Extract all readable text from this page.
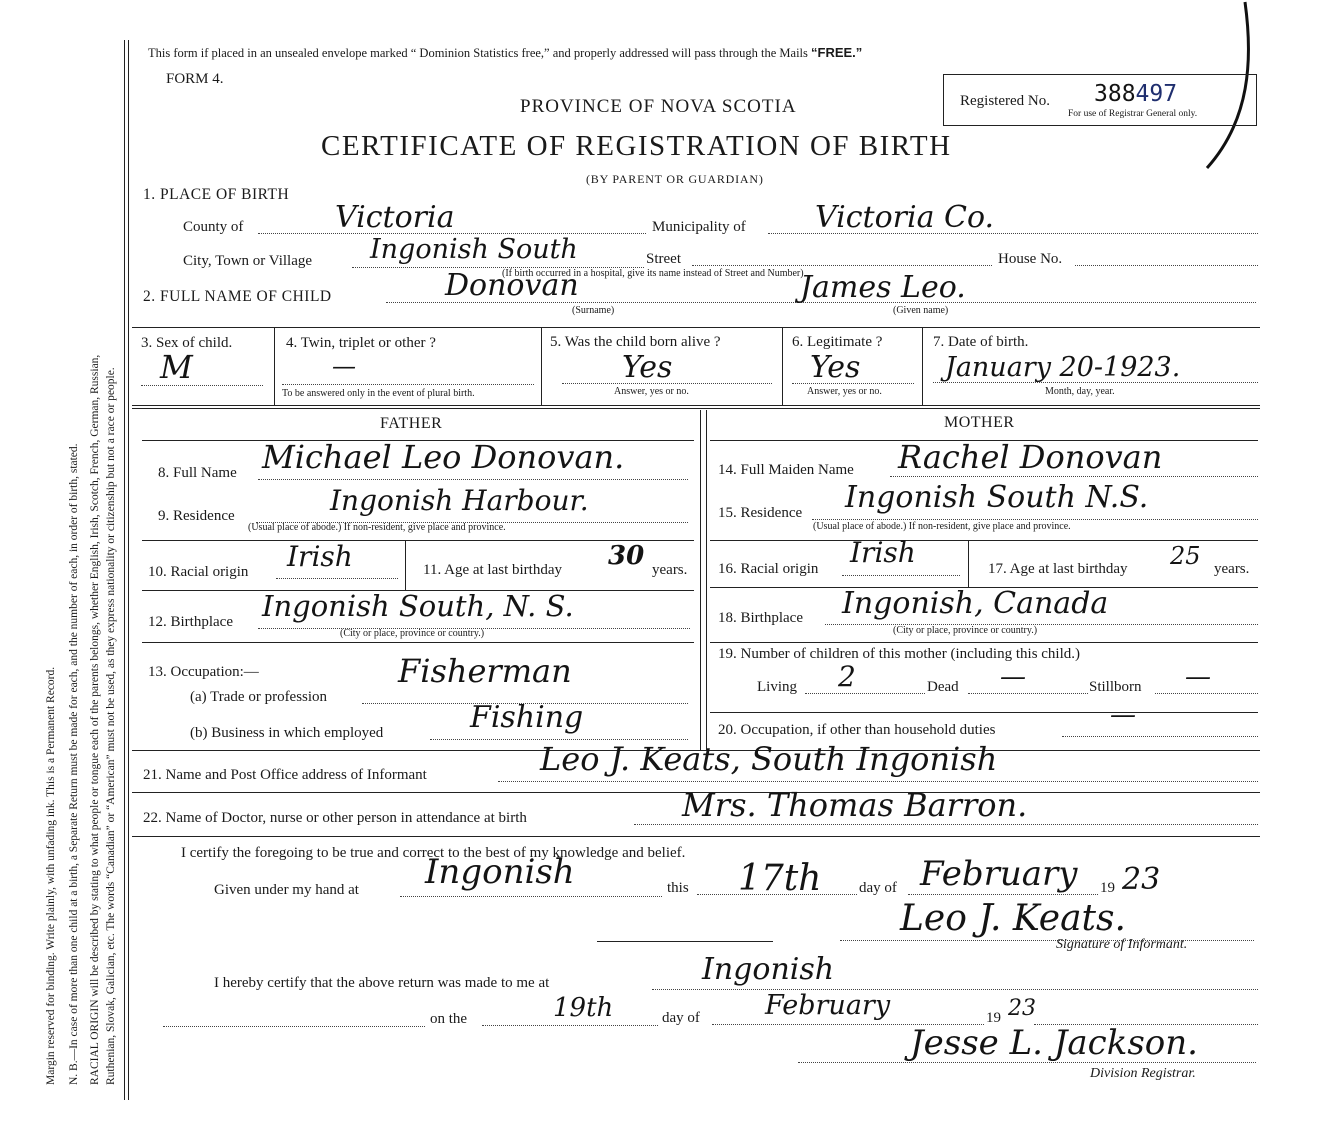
Margin reserved for binding. Write plainly, with unfading ink. This is a Permanent Record. N. B.—In case of more than one child at a birth, a Separate Return must be made for each, and the number of each, in order of birth, stated. RACIAL ORIGIN will be described by stating to what people or tongue each of the parents belongs, whether English, Irish, Scotch, French, German, Russian, Ruthenian, Slovak, Galician, etc. The words “Canadian” or “American” must not be used, as they express nationality or citizenship but not a race or people.
This form if placed in an unsealed envelope marked “ Dominion Statistics free,” and properly addressed will pass through the Mails “FREE.”
FORM 4.
PROVINCE OF NOVA SCOTIA
CERTIFICATE OF REGISTRATION OF BIRTH
(BY PARENT OR GUARDIAN)
Registered No. 388497
For use of Registrar General only.
1. PLACE OF BIRTH
County of	Victoria	Municipality of Victoria Co.
City, Town or Village Ingonish South	Street	House No.
(If birth occurred in a hospital, give its name instead of Street and Number)
2. FULL NAME OF CHILD	Donovan	James Leo.
(Surname)	(Given name)
3. Sex of child.
M
4. Twin, triplet or other ?
—
To be answered only in the event of plural birth.
5. Was the child born alive ?
Yes
Answer, yes or no.
6. Legitimate ?
Yes
Answer, yes or no.
7. Date of birth.
January 20-1923.
Month, day, year.
FATHER	MOTHER
8. Full Name Michael Leo Donovan.
9. Residence	Ingonish Harbour.
(Usual place of abode.) If non-resident, give place and province.
10. Racial origin Irish	11. Age at last birthday 30 years.
12. Birthplace Ingonish South, N. S.
(City or place, province or country.)
13. Occupation:—
(a) Trade or profession
Fisherman
(b) Business in which employed	Fishing
14. Full Maiden Name Rachel Donovan
15. Residence Ingonish South N.S.
(Usual place of abode.) If non-resident, give place and province.
16. Racial origin Irish	17. Age at last birthday 25 years.
18. Birthplace Ingonish, Canada
(City or place, province or country.)
19. Number of children of this mother (including this child.)
Living 2	Dead —	Stillborn —
20. Occupation, if other than household duties	—
21. Name and Post Office address of Informant	Leo J. Keats, South Ingonish
22. Name of Doctor, nurse or other person in attendance at birth	Mrs. Thomas Barron.
I certify the foregoing to be true and correct to the best of my knowledge and belief.
Given under my hand at Ingonish	this 17th	day of February 19 23
Leo J. Keats.
Signature of Informant.
I hereby certify that the above return was made to me at	Ingonish
on the	19th	day of February	19 23
Jesse L. Jackson.
Division Registrar.
